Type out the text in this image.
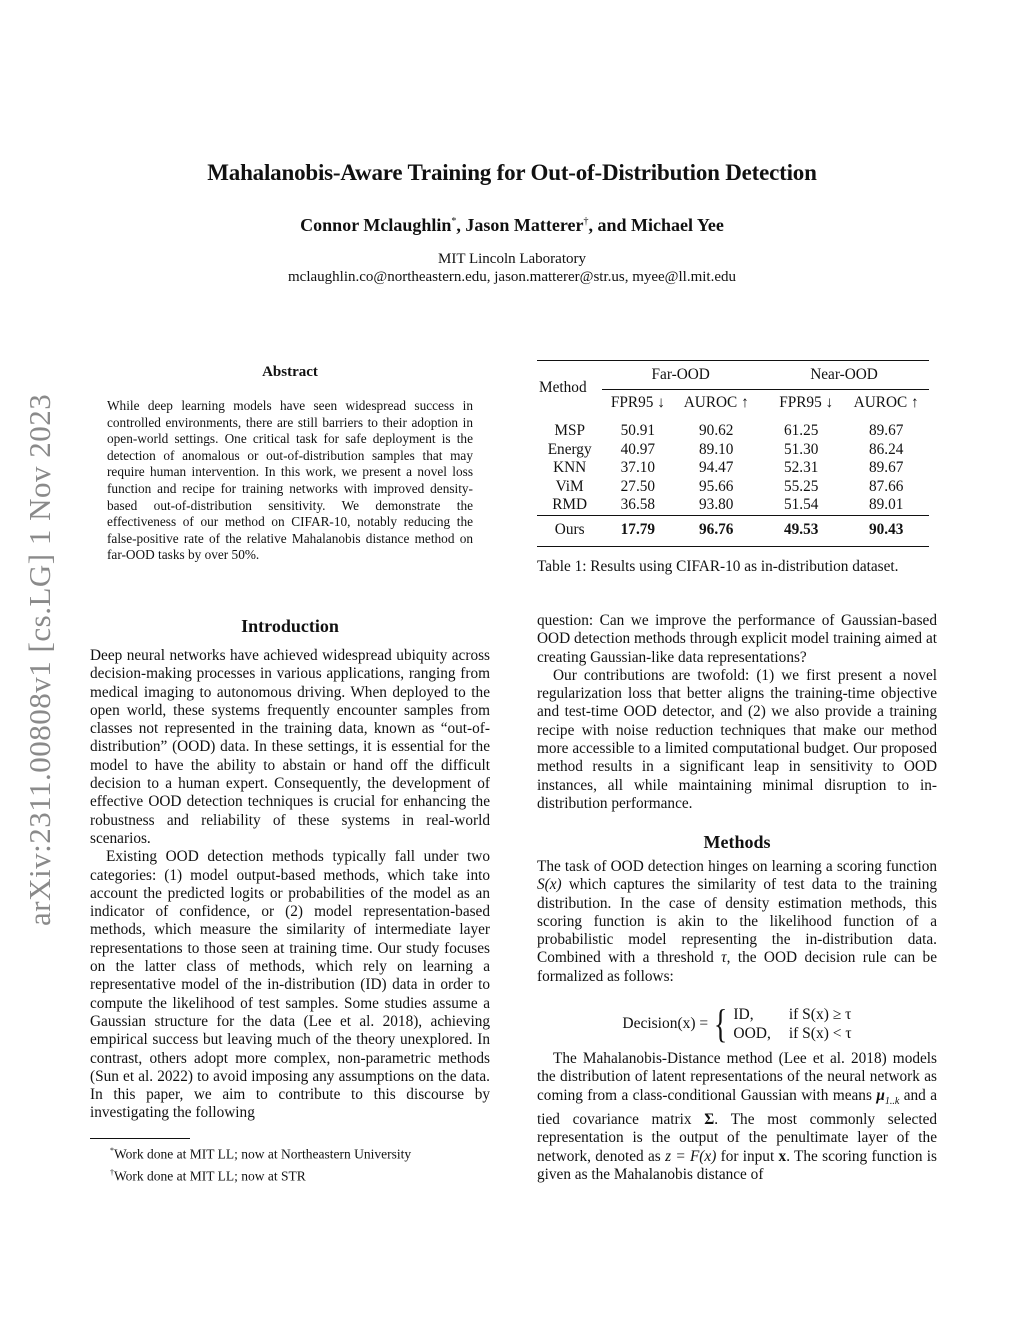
arXiv:2311.00808v1 [cs.LG] 1 Nov 2023
Mahalanobis-Aware Training for Out-of-Distribution Detection
Connor Mclaughlin*, Jason Matterer†, and Michael Yee
MIT Lincoln Laboratory
mclaughlin.co@northeastern.edu, jason.matterer@str.us, myee@ll.mit.edu
Abstract
While deep learning models have seen widespread success in controlled environments, there are still barriers to their adoption in open-world settings. One critical task for safe deployment is the detection of anomalous or out-of-distribution samples that may require human intervention. In this work, we present a novel loss function and recipe for training networks with improved density-based out-of-distribution sensitivity. We demonstrate the effectiveness of our method on CIFAR-10, notably reducing the false-positive rate of the relative Mahalanobis distance method on far-OOD tasks by over 50%.
Introduction

Deep neural networks have achieved widespread ubiquity across decision-making processes in various applications, ranging from medical imaging to autonomous driving. When deployed to the open world, these systems frequently encounter samples from classes not represented in the training data, known as “out-of-distribution” (OOD) data. In these settings, it is essential for the model to have the ability to abstain or hand off the difficult decision to a human expert. Consequently, the development of effective OOD detection techniques is crucial for enhancing the robustness and reliability of these systems in real-world scenarios.

Existing OOD detection methods typically fall under two categories: (1) model output-based methods, which take into account the predicted logits or probabilities of the model as an indicator of confidence, or (2) model representation-based methods, which measure the similarity of intermediate layer representations to those seen at training time. Our study focuses on the latter class of methods, which rely on learning a representative model of the in-distribution (ID) data in order to compute the likelihood of test samples. Some studies assume a Gaussian structure for the data (Lee et al. 2018), achieving empirical success but leaving much of the theory unexplored. In contrast, others adopt more complex, non-parametric methods (Sun et al. 2022) to avoid imposing any assumptions on the data. In this paper, we aim to contribute to this discourse by investigating the following

*Work done at MIT LL; now at Northeastern University
†Work done at MIT LL; now at STR
Method	Far-OOD		Near-OOD	
	FPR95 ↓	AUROC ↑	FPR95 ↓	AUROC ↑
MSP	50.91	90.62	61.25	89.67
Energy	40.97	89.10	51.30	86.24
KNN	37.10	94.47	52.31	89.67
ViM	27.50	95.66	55.25	87.66
RMD	36.58	93.80	51.54	89.01
Ours	17.79	96.76	49.53	90.43
Table 1: Results using CIFAR-10 as in-distribution dataset.

question: Can we improve the performance of Gaussian-based OOD detection methods through explicit model training aimed at creating Gaussian-like data representations?

Our contributions are twofold: (1) we first present a novel regularization loss that better aligns the training-time objective and test-time OOD detector, and (2) we also provide a training recipe with noise reduction techniques that make our method more accessible to a limited computational budget. Our proposed method results in a significant leap in sensitivity to OOD instances, all while maintaining minimal disruption to in-distribution performance.

Methods

The task of OOD detection hinges on learning a scoring function S(x) which captures the similarity of test data to the training distribution. In the case of density estimation methods, this scoring function is akin to the likelihood function of a probabilistic model representing the in-distribution data. Combined with a threshold τ, the OOD decision rule can be formalized as follows:

Decision(x) = { ID,	if S(x) ≥ τ
OOD, if S(x) < τ

The Mahalanobis-Distance method (Lee et al. 2018) models the distribution of latent representations of the neural network as coming from a class-conditional Gaussian with means $\mu_{1..k}$ and a tied covariance matrix Σ. The most commonly selected representation is the output of the penultimate layer of the network, denoted as z = F(x) for input x. The scoring function is given as the Mahalanobis distance of
